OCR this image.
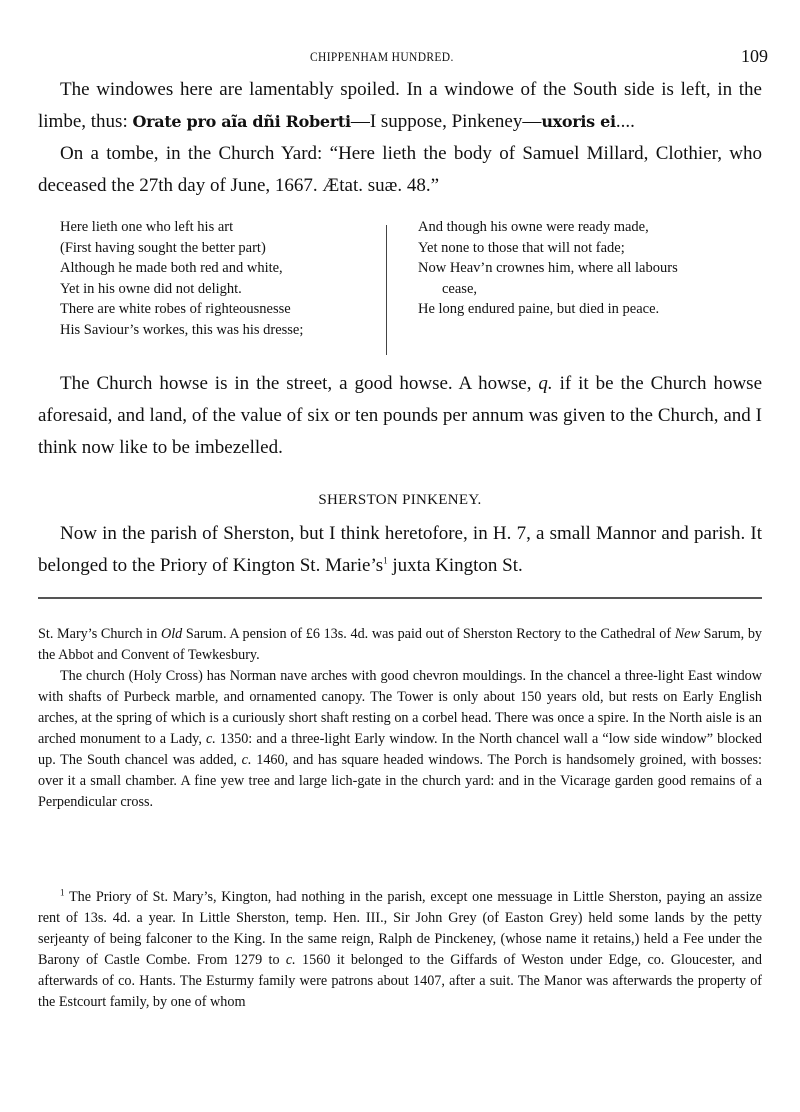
CHIPPENHAM HUNDRED.	109

The windowes here are lamentably spoiled. In a windowe of the South side is left, in the limbe, thus: Orate pro aĩa dñi Roberti—I suppose, Pinkeney—uxoris ei....

On a tombe, in the Church Yard: “Here lieth the body of Samuel Millard, Clothier, who deceased the 27th day of June, 1667. Ætat. suæ. 48.”

Here lieth one who left his art
(First having sought the better part)
Although he made both red and white,
Yet in his owne did not delight.
There are white robes of righteousnesse
His Saviour’s workes, this was his dresse;
And though his owne were ready made,
Yet none to those that will not fade;
Now Heav’n crownes him, where all labours
cease,
He long endured paine, but died in peace.

The Church howse is in the street, a good howse. A howse, q. if it be the Church howse aforesaid, and land, of the value of six or ten pounds per annum was given to the Church, and I think now like to be imbezelled.

SHERSTON PINKENEY.

Now in the parish of Sherston, but I think heretofore, in H. 7, a small Mannor and parish. It belonged to the Priory of Kington St. Marie’s$^1$ juxta Kington St.

St. Mary’s Church in Old Sarum. A pension of £6 13s. 4d. was paid out of Sherston Rectory to the Cathedral of New Sarum, by the Abbot and Convent of Tewkesbury.

The church (Holy Cross) has Norman nave arches with good chevron mouldings. In the chancel a three-light East window with shafts of Purbeck marble, and ornamented canopy. The Tower is only about 150 years old, but rests on Early English arches, at the spring of which is a curiously short shaft resting on a corbel head. There was once a spire. In the North aisle is an arched monument to a Lady, c. 1350: and a three-light Early window. In the North chancel wall a “low side window” blocked up. The South chancel was added, c. 1460, and has square headed windows. The Porch is handsomely groined, with bosses: over it a small chamber. A fine yew tree and large lich-gate in the church yard: and in the Vicarage garden good remains of a Perpendicular cross.

$^1$ The Priory of St. Mary’s, Kington, had nothing in the parish, except one messuage in Little Sherston, paying an assize rent of 13s. 4d. a year. In Little Sherston, temp. Hen. III., Sir John Grey (of Easton Grey) held some lands by the petty serjeanty of being falconer to the King. In the same reign, Ralph de Pinckeney, (whose name it retains,) held a Fee under the Barony of Castle Combe. From 1279 to c. 1560 it belonged to the Giffards of Weston under Edge, co. Gloucester, and afterwards of co. Hants. The Esturmy family were patrons about 1407, after a suit. The Manor was afterwards the property of the Estcourt family, by one of whom
